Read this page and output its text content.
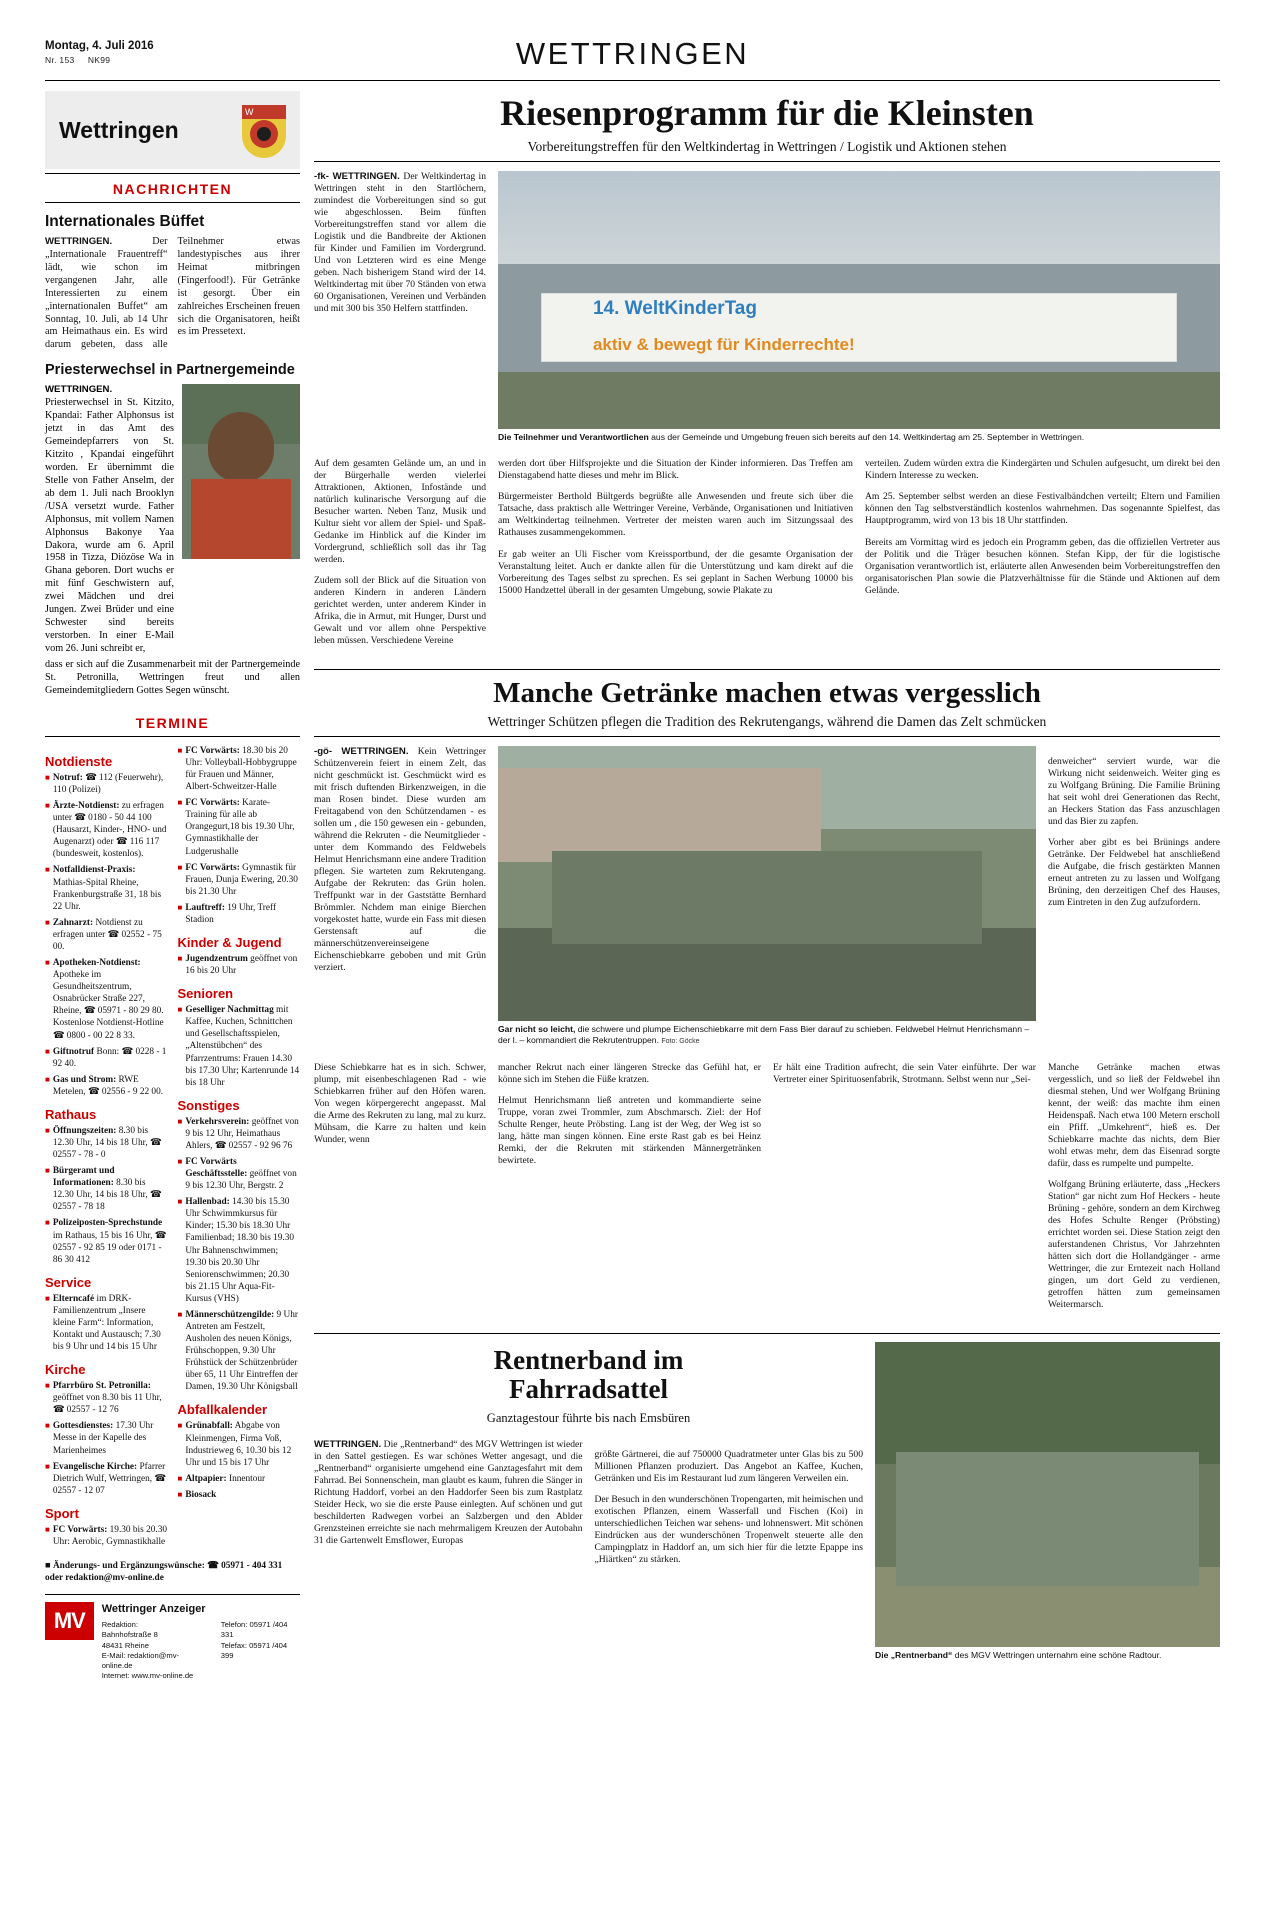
Montag, 4. Juli 2016
Nr. 153 NK99	WETTRINGEN
Wettringen
W
NACHRICHTEN
Internationales Büffet

WETTRINGEN.	Der „Internationale Frauentreff“ lädt, wie schon im vergangenen Jahr, alle Interessierten zu einem „internationalen Buffet“ am Sonntag, 10. Juli, ab 14 Uhr am Heimathaus ein. Es wird darum gebeten, dass alle Teilnehmer etwas landestypisches aus ihrer Heimat mitbringen (Fingerfood!). Für Getränke ist gesorgt. Über ein zahlreiches Erscheinen freuen sich die Organisatoren, heißt es im Pressetext.

Priesterwechsel in Partnergemeinde
WETTRINGEN. Priesterwechsel in St. Kitzito, Kpandai: Father Alphonsus ist jetzt in das Amt des Gemeindepfarrers von St. Kitzito , Kpandai eingeführt worden. Er übernimmt die Stelle von Father Anselm, der ab dem 1. Juli nach Brooklyn /USA versetzt wurde. Father Alphonsus, mit vollem Namen Alphonsus Bakonye Yaa Dakora, wurde am 6. April 1958 in Tizza, Diözöse Wa in Ghana geboren. Dort wuchs er mit fünf Geschwistern auf, zwei Mädchen und drei Jungen. Zwei Brüder und eine Schwester sind bereits verstorben. In einer E-Mail vom 26. Juni schreibt er,
dass er sich auf die Zusammenarbeit mit der Partnergemeinde St. Petronilla, Wettringen freut und allen Gemeindemitgliedern Gottes Segen wünscht.
TERMINE
Notdienste
■ Notruf: ☎ 112 (Feuerwehr), 110 (Polizei)
■ Ärzte-Notdienst: zu erfragen unter ☎ 0180 - 50 44 100 (Hausarzt, Kinder-, HNO- und Augenarzt) oder ☎ 116 117 (bundesweit, kostenlos).
■ Notfalldienst-Praxis: Mathias-Spital Rheine, Frankenburgstraße 31, 18 bis 22 Uhr.
■ Zahnarzt: Notdienst zu erfragen unter ☎ 02552 - 75 00.
■ Apotheken-Notdienst: Apotheke im Gesundheitszentrum, Osnabrücker Straße 227, Rheine, ☎ 05971 - 80 29 80. Kostenlose Notdienst-Hotline ☎ 0800 - 00 22 8 33.
■ Giftnotruf Bonn: ☎ 0228 - 1 92 40.
■ Gas und Strom: RWE Metelen, ☎ 02556 - 9 22 00.
Rathaus
■ Öffnungszeiten: 8.30 bis 12.30 Uhr, 14 bis 18 Uhr, ☎ 02557 - 78 - 0
■ Bürgeramt und Informationen: 8.30 bis 12.30 Uhr, 14 bis 18 Uhr, ☎ 02557 - 78 18
■ Polizeiposten-Sprechstunde im Rathaus, 15 bis 16 Uhr, ☎ 02557 - 92 85 19 oder 0171 - 86 30 412
Service
■ Elterncafé im DRK-Familienzentrum „Insere kleine Farm“: Information, Kontakt und Austausch; 7.30 bis 9 Uhr und 14 bis 15 Uhr
Kirche
■ Pfarrbüro St. Petronilla: geöffnet von 8.30 bis 11 Uhr, ☎ 02557 - 12 76
■ Gottesdienstes: 17.30 Uhr Messe in der Kapelle des Marienheimes
■ Evangelische Kirche: Pfarrer Dietrich Wulf, Wettringen, ☎ 02557 - 12 07
Sport
■ FC Vorwärts: 19.30 bis 20.30 Uhr: Aerobic, Gymnastikhalle
■ FC Vorwärts: 18.30 bis 20 Uhr: Volleyball-Hobbygruppe für Frauen und Männer, Albert-Schweitzer-Halle
■ FC Vorwärts: Karate-Training für alle ab Orangegurt,18 bis 19.30 Uhr, Gymnastikhalle der Ludgerushalle
■ FC Vorwärts: Gymnastik für Frauen, Dunja Ewering, 20.30 bis 21.30 Uhr
■ Lauftreff: 19 Uhr, Treff Stadion
Kinder & Jugend
■ Jugendzentrum geöffnet von 16 bis 20 Uhr
Senioren
■ Geselliger Nachmittag mit Kaffee, Kuchen, Schnittchen und Gesellschaftsspielen, „Altenstübchen“ des Pfarrzentrums: Frauen 14.30 bis 17.30 Uhr; Kartenrunde 14 bis 18 Uhr
Sonstiges
■ Verkehrsverein: geöffnet von 9 bis 12 Uhr, Heimathaus Ahlers, ☎ 02557 - 92 96 76
■ FC Vorwärts Geschäftsstelle: geöffnet von 9 bis 12.30 Uhr, Bergstr. 2
■ Hallenbad: 14.30 bis 15.30 Uhr Schwimmkursus für Kinder; 15.30 bis 18.30 Uhr Familienbad; 18.30 bis 19.30 Uhr Bahnenschwimmen; 19.30 bis 20.30 Uhr Seniorenschwimmen; 20.30 bis 21.15 Uhr Aqua-Fit-Kursus (VHS)
■ Männerschützengilde: 9 Uhr Antreten am Festzelt, Ausholen des neuen Königs, Frühschoppen, 9.30 Uhr Frühstück der Schützenbrüder über 65, 11 Uhr Eintreffen der Damen, 19.30 Uhr Königsball
Abfallkalender
■ Grünabfall: Abgabe von Kleinmengen, Firma Voß, Industrieweg 6, 10.30 bis 12 Uhr und 15 bis 17 Uhr
■ Altpapier: Innentour
■ Biosack
■ Änderungs- und Ergänzungswünsche: ☎ 05971 - 404 331 oder redaktion@mv-online.de
MV	Wettringer Anzeiger
Redaktion:
Bahnhofstraße 8
48431 Rheine
E-Mail: redaktion@mv-online.de
Internet: www.mv-online.de
Telefon: 05971 /404 331
Telefax: 05971 /404 399
Riesenprogramm für die Kleinsten
Vorbereitungstreffen für den Weltkindertag in Wettringen / Logistik und Aktionen stehen
-fk- WETTRINGEN. Der Weltkindertag in Wettringen steht in den Startlöchern, zumindest die Vorbereitungen sind so gut wie abgeschlossen. Beim fünften Vorbereitungstreffen stand vor allem die Logistik und die Bandbreite der Aktionen für Kinder und Familien im Vordergrund. Und von Letzteren wird es eine Menge geben. Nach bisherigem Stand wird der 14. Weltkindertag mit über 70 Ständen von etwa 60 Organisationen, Vereinen und Verbänden und mit 300 bis 350 Helfern stattfinden.	14. WeltKinderTag
aktiv & bewegt für Kinderrechte!
Die Teilnehmer und Verantwortlichen aus der Gemeinde und Umgebung freuen sich bereits auf den 14. Weltkindertag am 25. September in Wettringen.

Auf dem gesamten Gelände um, an und in der Bürgerhalle werden vielerlei Attraktionen, Aktionen, Infostände und natürlich kulinarische Versorgung auf die Besucher warten. Neben Tanz, Musik und Kultur sieht vor allem der Spiel- und Spaß-Gedanke im Hinblick auf die Kinder im Vordergrund, schließlich soll das ihr Tag werden.

Zudem soll der Blick auf die Situation von anderen Kindern in anderen Ländern gerichtet werden, unter anderem Kinder in Afrika, die in Armut, mit Hunger, Durst und Gewalt und vor allem ohne Perspektive leben müssen. Verschiedene Vereine

werden dort über Hilfsprojekte und die Situation der Kinder informieren. Das Treffen am Dienstagabend hatte dieses und mehr im Blick.

Bürgermeister Berthold Bültgerds begrüßte alle Anwesenden und freute sich über die Tatsache, dass praktisch alle Wettringer Vereine, Verbände, Organisationen und Initiativen am Weltkindertag teilnehmen. Vertreter der meisten waren auch im Sitzungssaal des Rathauses zusammengekommen.

Er gab weiter an Uli Fischer vom Kreissportbund, der die gesamte Organisation der Veranstaltung leitet. Auch er dankte allen für die Unterstützung und kam direkt auf die Vorbereitung des Tages selbst zu sprechen. Es sei geplant in Sachen Werbung 10000 bis 15000 Handzettel überall in der gesamten Umgebung, sowie Plakate zu

verteilen. Zudem würden extra die Kindergärten und Schulen aufgesucht, um direkt bei den Kindern Interesse zu wecken.

Am 25. September selbst werden an diese Festivalbändchen verteilt; Eltern und Familien können den Tag selbstverständlich kostenlos wahrnehmen. Das sogenannte Spielfest, das Hauptprogramm, wird von 13 bis 18 Uhr stattfinden.

Bereits am Vormittag wird es jedoch ein Programm geben, das die offiziellen Vertreter aus der Politik und die Träger besuchen können. Stefan Kipp, der für die logistische Organisation verantwortlich ist, erläuterte allen Anwesenden beim Vorbereitungstreffen den organisatorischen Plan sowie die Platzverhältnisse für die Stände und Aktionen auf dem Gelände.

Manche Getränke machen etwas vergesslich
Wettringer Schützen pflegen die Tradition des Rekrutengangs, während die Damen das Zelt schmücken
-gö- WETTRINGEN. Kein Wettringer Schützenverein feiert in einem Zelt, das nicht geschmückt ist. Geschmückt wird es mit frisch duftenden Birkenzweigen, in die man Rosen bindet. Diese wurden am Freitagabend von den Schützendamen - es sollen um , die 150 gewesen ein - gebunden, während die Rekruten - die Neumitglieder - unter dem Kommando des Feldwebels Helmut Henrichsmann eine andere Tradition pflegen. Sie warteten zum Rekrutengang. Aufgabe der Rekruten: das Grün holen. Treffpunkt war in der Gaststätte Bernhard Brömmler. Nchdem man einige Bierchen vorgekostet hatte, wurde ein Fass mit diesen Gerstensaft auf die männerschützenvereinseigene Eichenschiebkarre geboben und mit Grün verziert.
Gar nicht so leicht, die schwere und plumpe Eichenschiebkarre mit dem Fass Bier darauf zu schieben. Feldwebel Helmut Henrichsmann – der l. – kommandiert die Rekrutentruppen. Foto: Göcke

denweicher“ serviert wurde, war die Wirkung nicht seidenweich. Weiter ging es zu Wolfgang Brüning. Die Familie Brüning hat seit wohl drei Generationen das Recht, an Heckers Station das Fass anzuschlagen und das Bier zu zapfen.

Vorher aber gibt es bei Brünings andere Getränke. Der Feldwebel hat anschließend die Aufgabe, die frisch gestärkten Mannen erneut antreten zu zu lassen und Wolfgang Brüning, den derzeitigen Chef des Hauses, zum Eintreten in den Zug aufzufordern.

Diese Schiebkarre hat es in sich. Schwer, plump, mit eisenbeschlagenen Rad - wie Schiebkarren früher auf den Höfen waren. Von wegen körpergerecht angepasst. Mal die Arme des Rekruten zu lang, mal zu kurz. Mühsam, die Karre zu halten und kein Wunder, wenn

mancher Rekrut nach einer längeren Strecke das Gefühl hat, er könne sich im Stehen die Füße kratzen.

Helmut Henrichsmann ließ antreten und kommandierte seine Truppe, voran zwei Trommler, zum Abschmarsch. Ziel: der Hof Schulte Renger, heute Pröbsting. Lang ist der Weg, der Weg ist so lang, hätte man singen können. Eine erste Rast gab es bei Heinz Remki, der die Rekruten mit stärkenden Männergetränken bewirtete.

Er hält eine Tradition aufrecht, die sein Vater einführte. Der war Vertreter einer Spirituosenfabrik, Strotmann. Selbst wenn nur „Sei-

Manche Getränke machen etwas vergesslich, und so ließ der Feldwebel ihn diesmal stehen, Und wer Wolfgang Brüning kennt, der weiß: das machte ihm einen Heidenspaß. Nach etwa 100 Metern erscholl ein Pfiff. „Umkehrent“, hieß es. Der Schiebkarre machte das nichts, dem Bier wohl etwas mehr, dem das Eisenrad sorgte dafür, dass es rumpelte und pumpelte.

Wolfgang Brüning erläuterte, dass „Heckers Station“ gar nicht zum Hof Heckers - heute Brüning - gehöre, sondern an dem Kirchweg des Hofes Schulte Renger (Pröbsting) errichtet worden sei. Diese Station zeigt den auferstandenen Christus, Vor Jahrzehnten hätten sich dort die Hollandgänger - arme Wettringer, die zur Erntezeit nach Holland gingen, um dort Geld zu verdienen, getroffen hätten zum gemeinsamen Weitermarsch.

Rentnerband im
Fahrradsattel
Ganztagestour führte bis nach Emsbüren
WETTRINGEN. Die „Rentnerband“ des MGV Wettringen ist wieder in den Sattel gestiegen. Es war schönes Wetter angesagt, und die „Rentnerband“ organisierte umgehend eine Ganztagesfahrt mit dem Fahrrad. Bei Sonnenschein, man glaubt es kaum, fuhren die Sänger in Richtung Haddorf, vorbei an den Haddorfer Seen bis zum Rastplatz Steider Heck, wo sie die erste Pause einlegten. Auf schönen und gut beschilderten Radwegen vorbei an Salzbergen und den Ablder Grenzsteinen erreichte sie nach mehrmaligem Kreuzen der Autobahn 31 die Gartenwelt Emsflower, Europas

größte Gärtnerei, die auf 750000 Quadratmeter unter Glas bis zu 500 Millionen Pflanzen produziert. Das Angebot an Kaffee, Kuchen, Getränken und Eis im Restaurant lud zum längeren Verweilen ein.

Der Besuch in den wunderschönen Tropengarten, mit heimischen und exotischen Pflanzen, einem Wasserfall und Fischen (Koi) in unterschiedlichen Teichen war sehens- und lohnenswert. Mit schönen Eindrücken aus der wunderschönen Tropenwelt steuerte alle den Campingplatz in Haddorf an, um sich hier für die letzte Epappe ins „Hiärtken“ zu stärken.

Die „Rentnerband“ des MGV Wettringen unternahm eine schöne Radtour.
